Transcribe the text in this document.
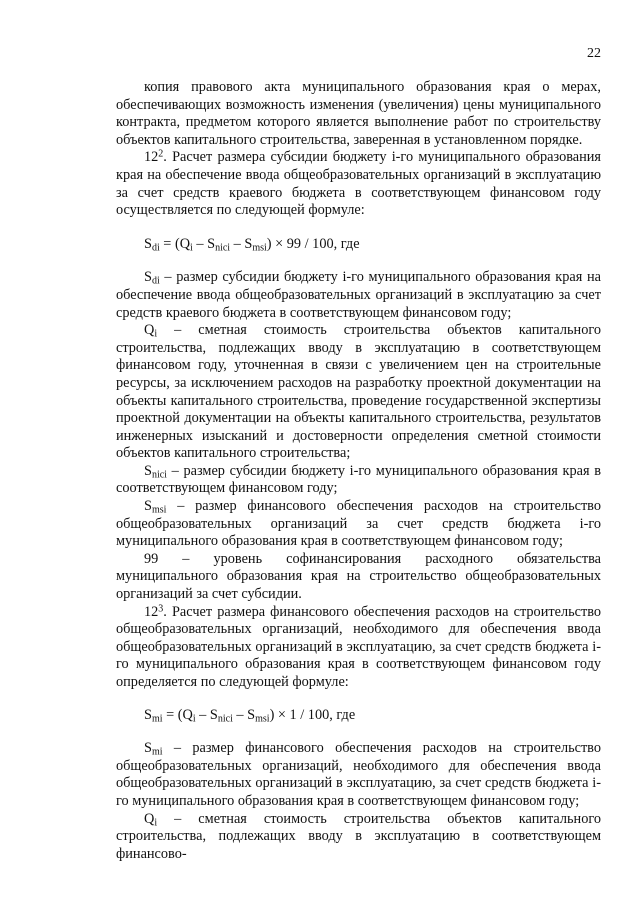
22

копия правового акта муниципального образования края о мерах, обеспечивающих возможность изменения (увеличения) цены муниципального контракта, предметом которого является выполнение работ по строительству объектов капитального строительства, заверенная в установленном порядке.

$12^2$. Расчет размера субсидии бюджету i-го муниципального образования края на обеспечение ввода общеобразовательных организаций в эксплуатацию за счет средств краевого бюджета в соответствующем финансовом году осуществляется по следующей формуле:

$S_{di} = (Q_i - S_{nici} - S_{msi}) \times 99 / 100$, где

$S_{di}$ – размер субсидии бюджету i-го муниципального образования края на обеспечение ввода общеобразовательных организаций в эксплуатацию за счет средств краевого бюджета в соответствующем финансовом году;

$Q_i$ – сметная стоимость строительства объектов капитального строительства, подлежащих вводу в эксплуатацию в соответствующем финансовом году, уточненная в связи с увеличением цен на строительные ресурсы, за исключением расходов на разработку проектной документации на объекты капитального строительства, проведение государственной экспертизы проектной документации на объекты капитального строительства, результатов инженерных изысканий и достоверности определения сметной стоимости объектов капитального строительства;

$S_{nici}$ – размер субсидии бюджету i-го муниципального образования края в соответствующем финансовом году;

$S_{msi}$ – размер финансового обеспечения расходов на строительство общеобразовательных организаций за счет средств бюджета i-го муниципального образования края в соответствующем финансовом году;

99 – уровень софинансирования расходного обязательства муниципального образования края на строительство общеобразовательных организаций за счет субсидии.

$12^3$. Расчет размера финансового обеспечения расходов на строительство общеобразовательных организаций, необходимого для обеспечения ввода общеобразовательных организаций в эксплуатацию, за счет средств бюджета i-го муниципального образования края в соответствующем финансовом году определяется по следующей формуле:

$S_{mi} = (Q_i - S_{nici} - S_{msi}) \times 1 / 100$, где

$S_{mi}$ – размер финансового обеспечения расходов на строительство общеобразовательных организаций, необходимого для обеспечения ввода общеобразовательных организаций в эксплуатацию, за счет средств бюджета i-го муниципального образования края в соответствующем финансовом году;

$Q_i$ – сметная стоимость строительства объектов капитального строительства, подлежащих вводу в эксплуатацию в соответствующем финансово-
